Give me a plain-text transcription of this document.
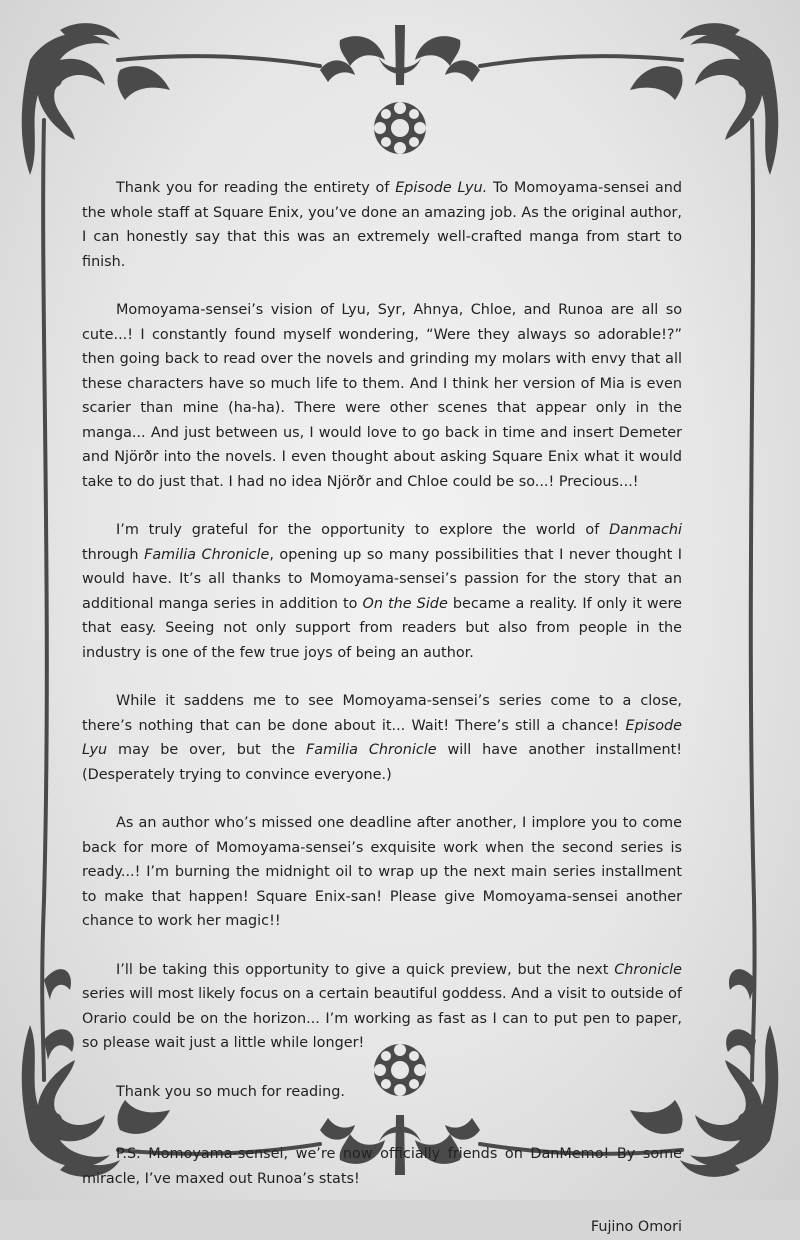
Thank you for reading the entirety of Episode Lyu. To Momoyama-sensei and the whole staff at Square Enix, you’ve done an amazing job. As the original author, I can honestly say that this was an extremely well-crafted manga from start to finish.

Momoyama-sensei’s vision of Lyu, Syr, Ahnya, Chloe, and Runoa are all so cute...! I constantly found myself wondering, “Were they always so adorable!?” then going back to read over the novels and grinding my molars with envy that all these characters have so much life to them. And I think her version of Mia is even scarier than mine (ha-ha). There were other scenes that appear only in the manga... And just between us, I would love to go back in time and insert Demeter and Njörðr into the novels. I even thought about asking Square Enix what it would take to do just that. I had no idea Njörðr and Chloe could be so...! Precious...!

I’m truly grateful for the opportunity to explore the world of Danmachi through Familia Chronicle, opening up so many possibilities that I never thought I would have. It’s all thanks to Momoyama-sensei’s passion for the story that an additional manga series in addition to On the Side became a reality. If only it were that easy. Seeing not only support from readers but also from people in the industry is one of the few true joys of being an author.

While it saddens me to see Momoyama-sensei’s series come to a close, there’s nothing that can be done about it... Wait! There’s still a chance! Episode Lyu may be over, but the Familia Chronicle will have another installment! (Desperately trying to convince everyone.)

As an author who’s missed one deadline after another, I implore you to come back for more of Momoyama-sensei’s exquisite work when the second series is ready...! I’m burning the midnight oil to wrap up the next main series installment to make that happen! Square Enix-san! Please give Momoyama-sensei another chance to work her magic!!

I’ll be taking this opportunity to give a quick preview, but the next Chronicle series will most likely focus on a certain beautiful goddess. And a visit to outside of Orario could be on the horizon... I’m working as fast as I can to put pen to paper, so please wait just a little while longer!

Thank you so much for reading.

P.S. Momoyama-sensei, we’re now officially friends on DanMemo! By some miracle, I’ve maxed out Runoa’s stats!

Fujino Omori
